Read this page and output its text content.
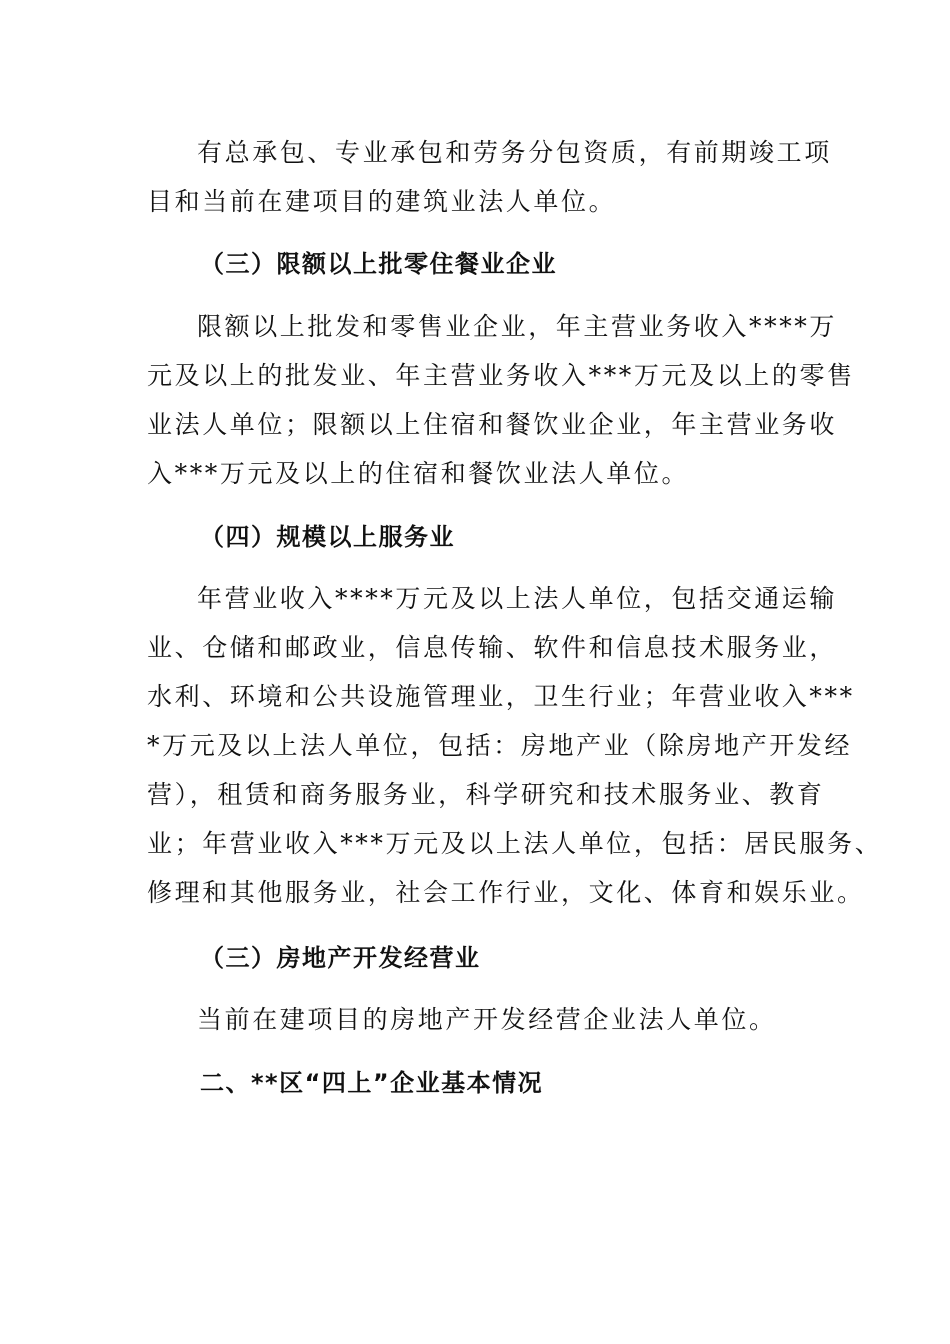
有总承包、专业承包和劳务分包资质，有前期竣工项
目和当前在建项目的建筑业法人单位。
（三）限额以上批零住餐业企业
限额以上批发和零售业企业，年主营业务收入****万
元及以上的批发业、年主营业务收入***万元及以上的零售
业法人单位；限额以上住宿和餐饮业企业，年主营业务收
入***万元及以上的住宿和餐饮业法人单位。
（四）规模以上服务业
年营业收入****万元及以上法人单位，包括交通运输
业、仓储和邮政业，信息传输、软件和信息技术服务业，
水利、环境和公共设施管理业，卫生行业；年营业收入***
*万元及以上法人单位，包括：房地产业（除房地产开发经
营），租赁和商务服务业，科学研究和技术服务业、教育
业；年营业收入***万元及以上法人单位，包括：居民服务、
修理和其他服务业，社会工作行业，文化、体育和娱乐业。
（三）房地产开发经营业
当前在建项目的房地产开发经营企业法人单位。
二、**区“四上”企业基本情况
